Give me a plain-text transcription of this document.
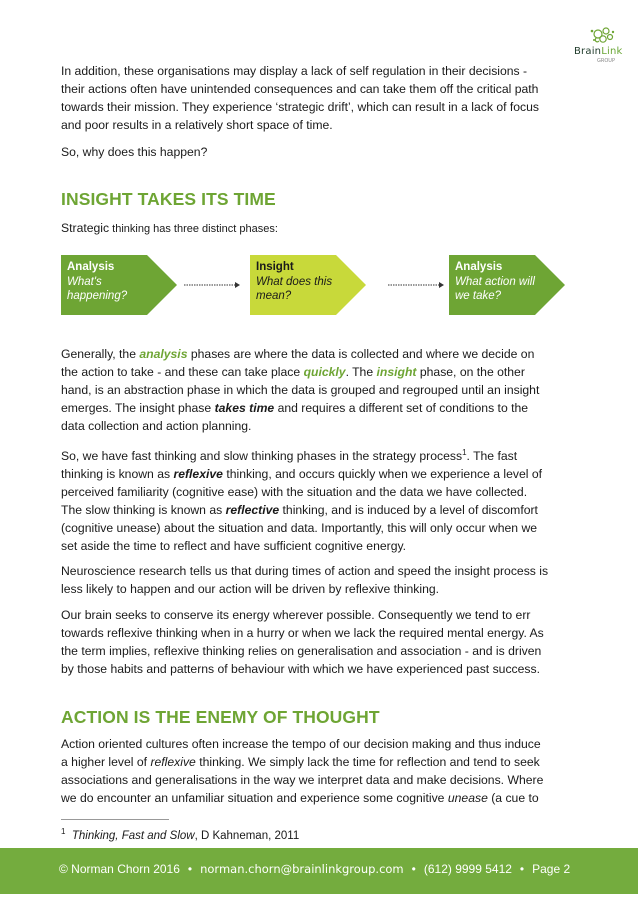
BrainLink
GROUP

In addition, these organisations may display a lack of self regulation in their decisions -
their actions often have unintended consequences and can take them off the critical path
towards their mission. They experience ‘strategic drift’, which can result in a lack of focus
and poor results in a relatively short space of time.

So, why does this happen?

INSIGHT TAKES ITS TIME

Strategic thinking has three distinct phases:

Analysis
What's
happening?
Insight
What does this
mean?
Analysis
What action will
we take?

Generally, the analysis phases are where the data is collected and where we decide on
the action to take - and these can take place quickly. The insight phase, on the other
hand, is an abstraction phase in which the data is grouped and regrouped until an insight
emerges. The insight phase takes time and requires a different set of conditions to the
data collection and action planning.

So, we have fast thinking and slow thinking phases in the strategy process$^1$. The fast
thinking is known as reflexive thinking, and occurs quickly when we experience a level of
perceived familiarity (cognitive ease) with the situation and the data we have collected.
The slow thinking is known as reflective thinking, and is induced by a level of discomfort
(cognitive unease) about the situation and data. Importantly, this will only occur when we
set aside the time to reflect and have sufficient cognitive energy.

Neuroscience research tells us that during times of action and speed the insight process is
less likely to happen and our action will be driven by reflexive thinking.

Our brain seeks to conserve its energy wherever possible. Consequently we tend to err
towards reflexive thinking when in a hurry or when we lack the required mental energy. As
the term implies, reflexive thinking relies on generalisation and association - and is driven
by those habits and patterns of behaviour with which we have experienced past success.

ACTION IS THE ENEMY OF THOUGHT

Action oriented cultures often increase the tempo of our decision making and thus induce
a higher level of reflexive thinking. We simply lack the time for reflection and tend to seek
associations and generalisations in the way we interpret data and make decisions. Where
we do encounter an unfamiliar situation and experience some cognitive unease (a cue to

$^1$ Thinking, Fast and Slow, D Kahneman, 2011
© Norman Chorn 2016 • norman.chorn@brainlinkgroup.com • (612) 9999 5412 • Page 2
